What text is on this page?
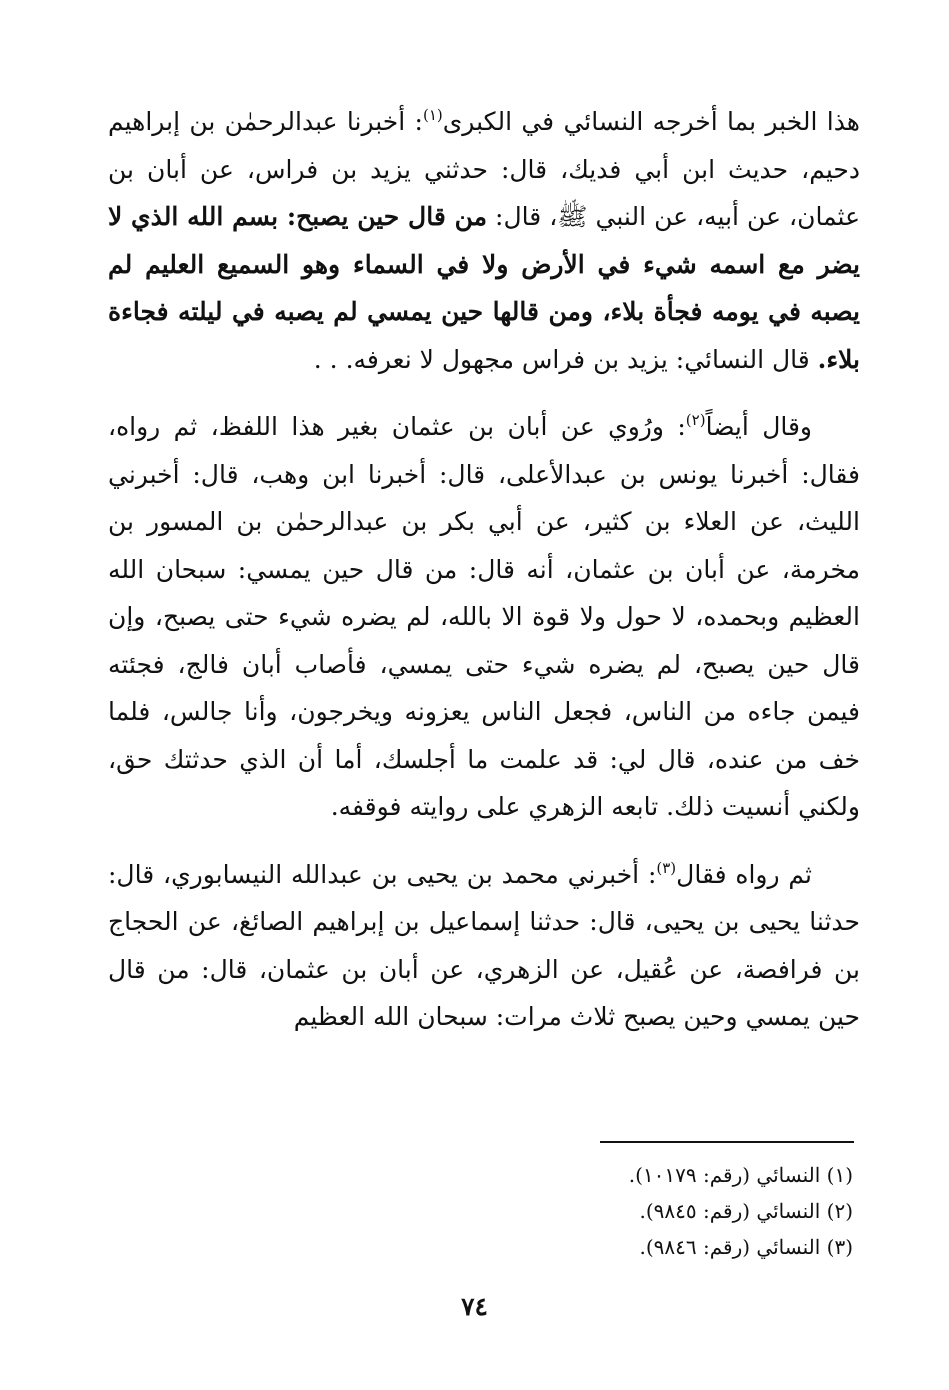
هذا الخبر بما أخرجه النسائي في الكبرى$^{(١)}$: أخبرنا عبدالرحمٰن بن إبراهيم دحيم، حديث ابن أبي فديك، قال: حدثني يزيد بن فراس، عن أبان بن عثمان، عن أبيه، عن النبي ﷺ، قال: من قال حين يصبح: بسم الله الذي لا يضر مع اسمه شيء في الأرض ولا في السماء وهو السميع العليم لم يصبه في يومه فجأة بلاء، ومن قالها حين يمسي لم يصبه في ليلته فجاءة بلاء. قال النسائي: يزيد بن فراس مجهول لا نعرفه. . .

وقال أيضاً$^{(٢)}$: ورُوي عن أبان بن عثمان بغير هذا اللفظ، ثم رواه، فقال: أخبرنا يونس بن عبدالأعلى، قال: أخبرنا ابن وهب، قال: أخبرني الليث، عن العلاء بن كثير، عن أبي بكر بن عبدالرحمٰن بن المسور بن مخرمة، عن أبان بن عثمان، أنه قال: من قال حين يمسي: سبحان الله العظيم وبحمده، لا حول ولا قوة الا بالله، لم يضره شيء حتى يصبح، وإن قال حين يصبح، لم يضره شيء حتى يمسي، فأصاب أبان فالج، فجئته فيمن جاءه من الناس، فجعل الناس يعزونه ويخرجون، وأنا جالس، فلما خف من عنده، قال لي: قد علمت ما أجلسك، أما أن الذي حدثتك حق، ولكني أنسيت ذلك. تابعه الزهري على روايته فوقفه.

ثم رواه فقال$^{(٣)}$: أخبرني محمد بن يحيى بن عبدالله النيسابوري، قال: حدثنا يحيى بن يحيى، قال: حدثنا إسماعيل بن إبراهيم الصائغ، عن الحجاج بن فرافصة، عن عُقيل، عن الزهري، عن أبان بن عثمان، قال: من قال حين يمسي وحين يصبح ثلاث مرات: سبحان الله العظيم

(١) النسائي (رقم: ١٠١٧٩).

(٢) النسائي (رقم: ٩٨٤٥).

(٣) النسائي (رقم: ٩٨٤٦).

٧٤
